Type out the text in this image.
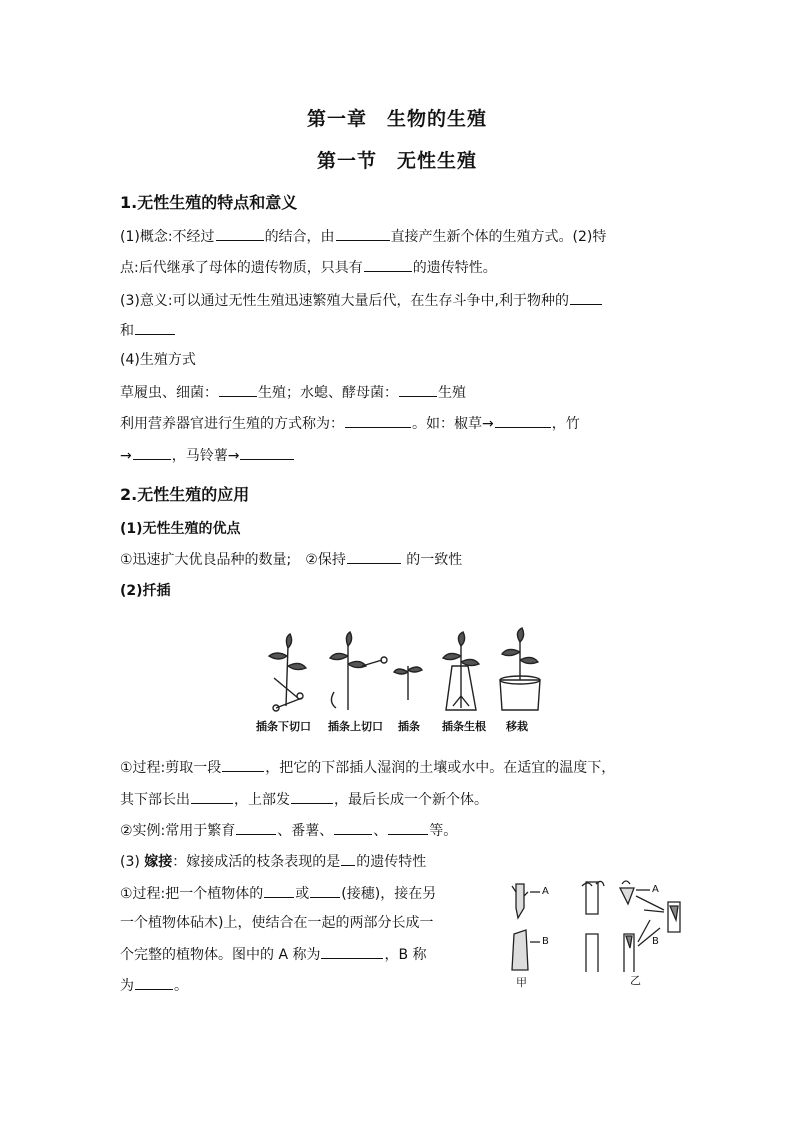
第一章　生物的生殖
第一节　无性生殖
1.无性生殖的特点和意义
(1)概念:不经过	的结合，由	直接产生新个体的生殖方式。(2)特
点:后代继承了母体的遗传物质，只具有	的遗传特性。
(3)意义:可以通过无性生殖迅速繁殖大量后代，在生存斗争中,利于物种的
和
(4)生殖方式
草履虫、细菌：	生殖；水螅、酵母菌：	生殖
利用营养器官进行生殖的方式称为：	。如：椒草→	，竹
→	，马铃薯→
2.无性生殖的应用
(1)无性生殖的优点
①迅速扩大优良品种的数量;　②保持	的一致性
(2)扦插
插条下切口 插条上切口 插条 插条生根 移栽
①过程:剪取一段	，把它的下部插人湿润的土壤或水中。在适宜的温度下，
其下部长出	，上部发	，最后长成一个新个体。
②实例:常用于繁育	、番薯、	、	等。
(3) 嫁接：嫁接成活的枝条表现的是 的遗传特性
①过程:把一个植物体的 或 (接穗)，接在另
一个植物体砧木)上，使结合在一起的两部分长成一
个完整的植物体。图中的 A 称为	，B 称
为	。
A
B
A
B
甲	乙
